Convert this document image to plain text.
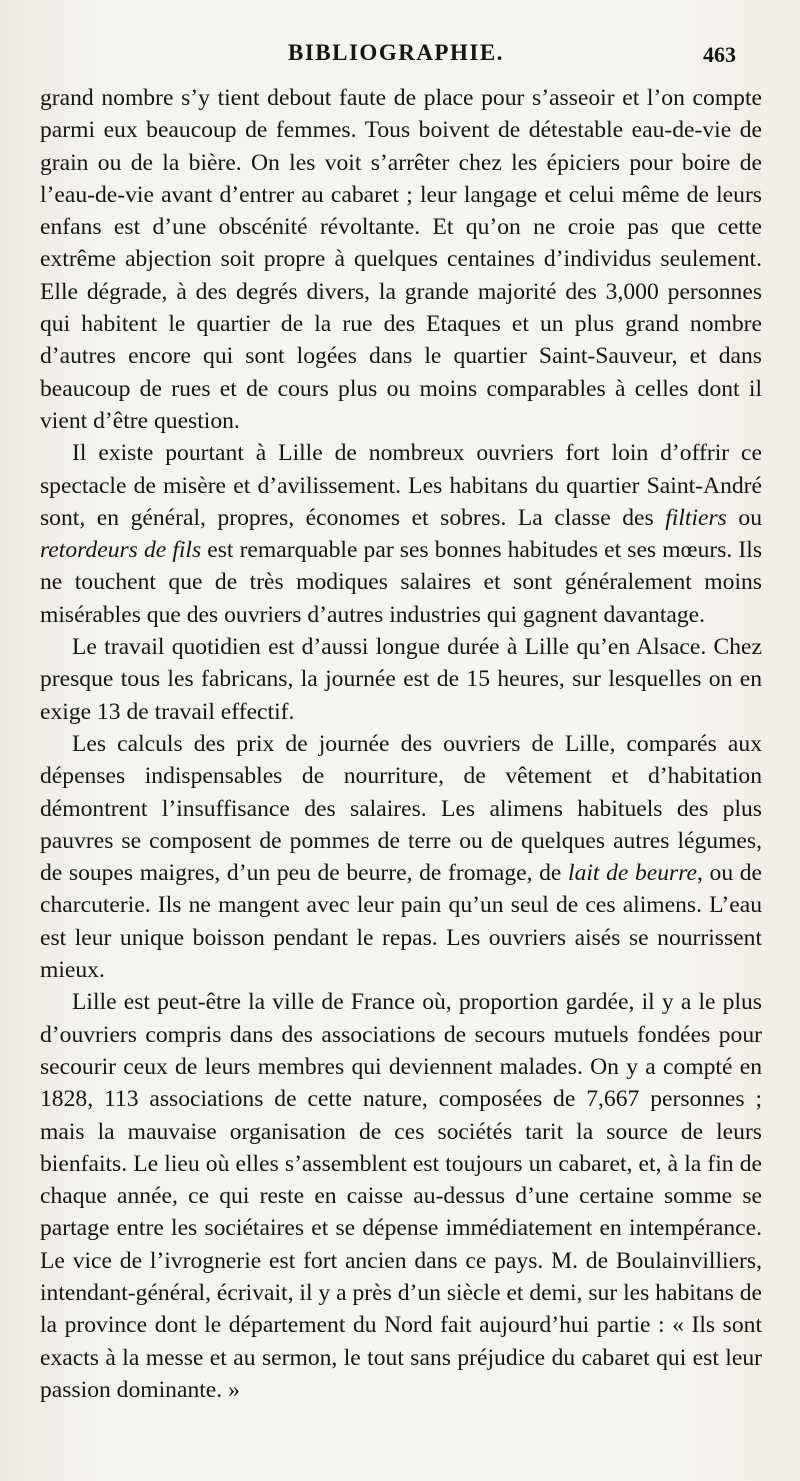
BIBLIOGRAPHIE.	463

grand nombre s’y tient debout faute de place pour s’asseoir et l’on compte parmi eux beaucoup de femmes. Tous boivent de détestable eau-de-vie de grain ou de la bière. On les voit s’arrêter chez les épiciers pour boire de l’eau-de-vie avant d’entrer au cabaret ; leur langage et celui même de leurs enfans est d’une obscénité révoltante. Et qu’on ne croie pas que cette extrême abjection soit propre à quelques centaines d’individus seulement. Elle dégrade, à des degrés divers, la grande majorité des 3,000 personnes qui habitent le quartier de la rue des Etaques et un plus grand nombre d’autres encore qui sont logées dans le quartier Saint-Sauveur, et dans beaucoup de rues et de cours plus ou moins comparables à celles dont il vient d’être question.

Il existe pourtant à Lille de nombreux ouvriers fort loin d’offrir ce spectacle de misère et d’avilissement. Les habitans du quartier Saint-André sont, en général, propres, économes et sobres. La classe des filtiers ou retordeurs de fils est remarquable par ses bonnes habitudes et ses mœurs. Ils ne touchent que de très modiques salaires et sont généralement moins misérables que des ouvriers d’autres industries qui gagnent davantage.

Le travail quotidien est d’aussi longue durée à Lille qu’en Alsace. Chez presque tous les fabricans, la journée est de 15 heures, sur lesquelles on en exige 13 de travail effectif.

Les calculs des prix de journée des ouvriers de Lille, comparés aux dépenses indispensables de nourriture, de vêtement et d’habitation démontrent l’insuffisance des salaires. Les alimens habituels des plus pauvres se composent de pommes de terre ou de quelques autres légumes, de soupes maigres, d’un peu de beurre, de fromage, de lait de beurre, ou de charcuterie. Ils ne mangent avec leur pain qu’un seul de ces alimens. L’eau est leur unique boisson pendant le repas. Les ouvriers aisés se nourrissent mieux.

Lille est peut-être la ville de France où, proportion gardée, il y a le plus d’ouvriers compris dans des associations de secours mutuels fondées pour secourir ceux de leurs membres qui deviennent malades. On y a compté en 1828, 113 associations de cette nature, composées de 7,667 personnes ; mais la mauvaise organisation de ces sociétés tarit la source de leurs bienfaits. Le lieu où elles s’assemblent est toujours un cabaret, et, à la fin de chaque année, ce qui reste en caisse au-dessus d’une certaine somme se partage entre les sociétaires et se dépense immédiatement en intempérance. Le vice de l’ivrognerie est fort ancien dans ce pays. M. de Boulainvilliers, intendant-général, écrivait, il y a près d’un siècle et demi, sur les habitans de la province dont le département du Nord fait aujourd’hui partie : « Ils sont exacts à la messe et au sermon, le tout sans préjudice du cabaret qui est leur passion dominante. »
